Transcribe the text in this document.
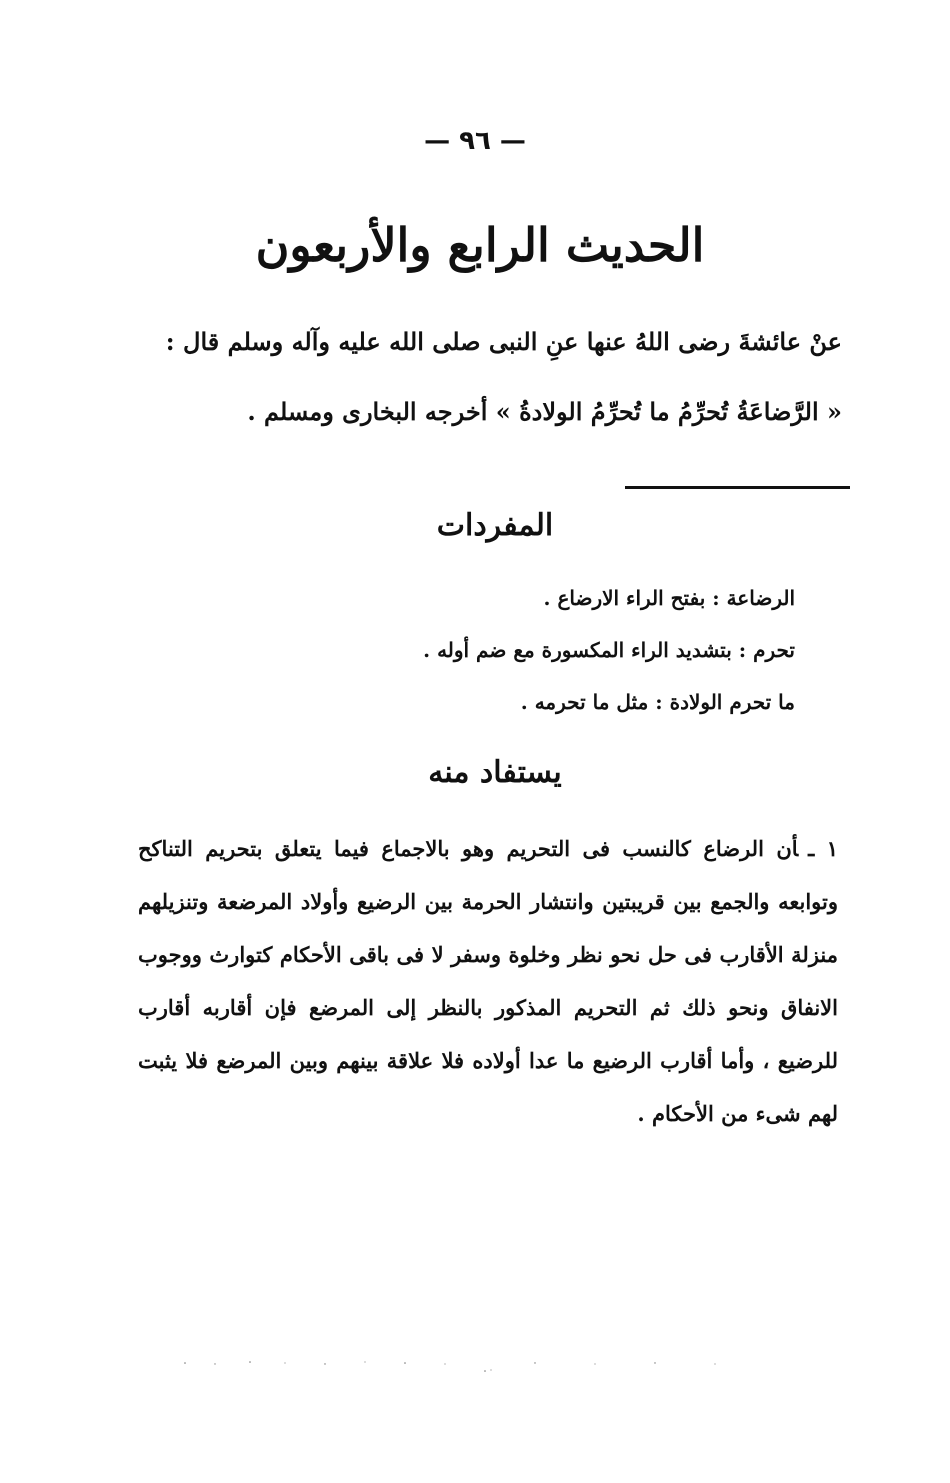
— ٩٦ —
الحديث الرابع والأربعون

عنْ عائشةَ رضى اللهُ عنها عنِ النبى صلى الله عليه وآله وسلم قال :

« الرَّضاعَةُ تُحرِّمُ ما تُحرِّمُ الولادةُ » أخرجه البخارى ومسلم .

المفردات
الرضاعة : بفتح الراء الارضاع .
تحرم : بتشديد الراء المكسورة مع ضم أوله .
ما تحرم الولادة : مثل ما تحرمه .
يستفاد منه
١ ـأن الرضاع كالنسب فى التحريم وهو بالاجماع فيما يتعلق بتحريم التناكح وتوابعه والجمع بين قريبتين وانتشار الحرمة بين الرضيع وأولاد المرضعة وتنزيلهم منزلة الأقارب فى حل نحو نظر وخلوة وسفر لا فى باقى الأحكام كتوارث ووجوب الانفاق ونحو ذلك ثم التحريم المذكور بالنظر إلى المرضع فإن أقاربه أقارب للرضيع ، وأما أقارب الرضيع ما عدا أولاده فلا علاقة بينهم وبين المرضع فلا يثبت لهم شىء من الأحكام .
